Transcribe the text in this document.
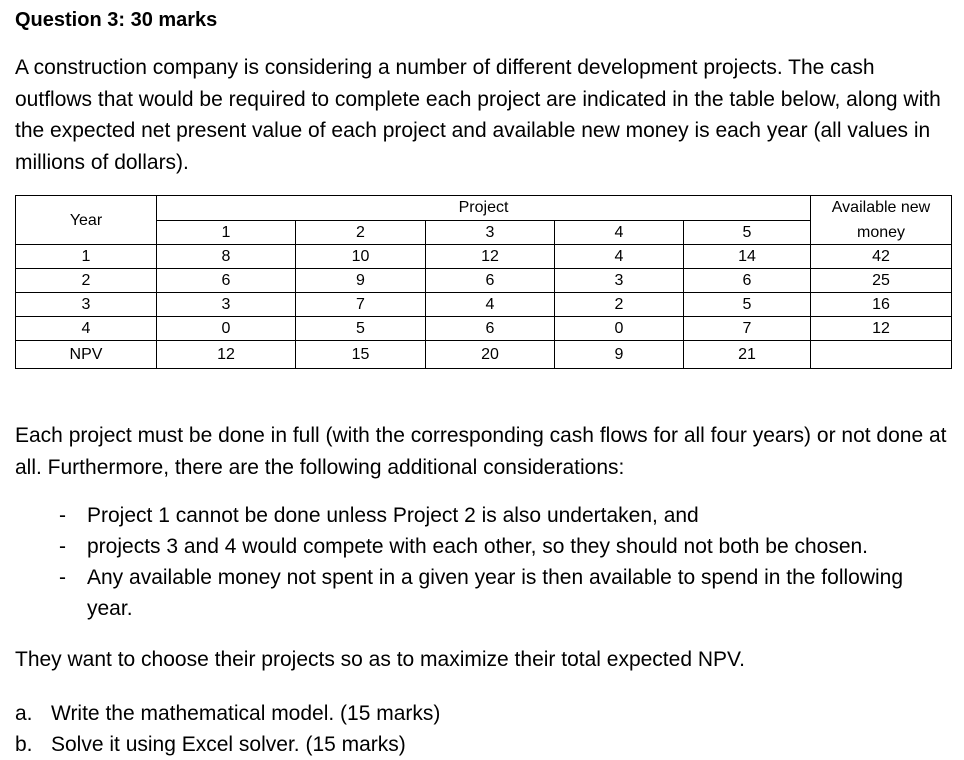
Question 3: 30 marks

A construction company is considering a number of different development projects. The cash outflows that would be required to complete each project are indicated in the table below, along with the expected net present value of each project and available new money is each year (all values in millions of dollars).

Year	Project					Available new
	1	2	3	4	5	money
1	8	10	12	4	14	42
2	6	9	6	3	6	25
3	3	7	4	2	5	16
4	0	5	6	0	7	12
NPV	12	15	20	9	21	

Each project must be done in full (with the corresponding cash flows for all four years) or not done at all. Furthermore, there are the following additional considerations:

- Project 1 cannot be done unless Project 2 is also undertaken, and
- projects 3 and 4 would compete with each other, so they should not both be chosen.
- Any available money not spent in a given year is then available to spend in the following year.

They want to choose their projects so as to maximize their total expected NPV.

a. Write the mathematical model. (15 marks)
b. Solve it using Excel solver. (15 marks)
